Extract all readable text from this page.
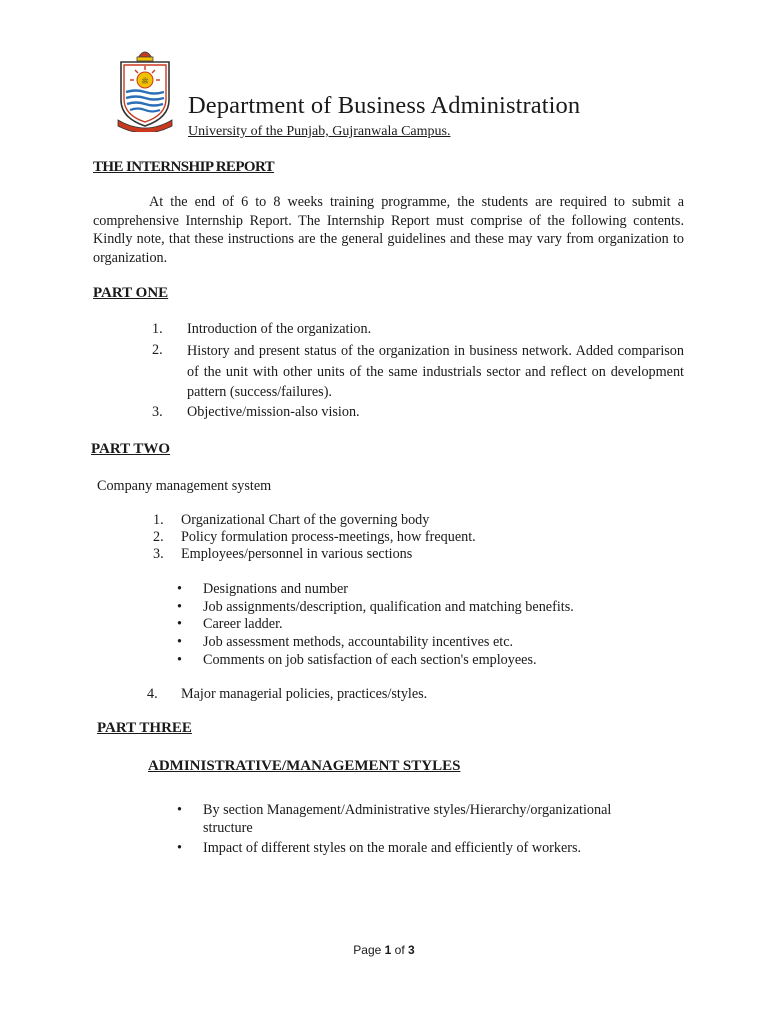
ﷺ
Department of Business Administration
University of the Punjab, Gujranwala Campus.
THE INTERNSHIP REPORT

At the end of 6 to 8 weeks training programme, the students are required to submit a comprehensive Internship Report. The Internship Report must comprise of the following contents. Kindly note, that these instructions are the general guidelines and these may vary from organization to organization.

PART ONE
1. Introduction of the organization.
2. History and present status of the organization in business network. Added comparison of the unit with other units of the same industrials sector and reflect on development pattern (success/failures).
3. Objective/mission-also vision.
PART TWO
Company management system
1. Organizational Chart of the governing body
2. Policy formulation process-meetings, how frequent.
3. Employees/personnel in various sections
• Designations and number
• Job assignments/description, qualification and matching benefits.
• Career ladder.
• Job assessment methods, accountability incentives etc.
• Comments on job satisfaction of each section's employees.
4. Major managerial policies, practices/styles.
PART THREE
ADMINISTRATIVE/MANAGEMENT STYLES
• By section Management/Administrative styles/Hierarchy/organizational structure
• Impact of different styles on the morale and efficiently of workers.
Page 1 of 3
